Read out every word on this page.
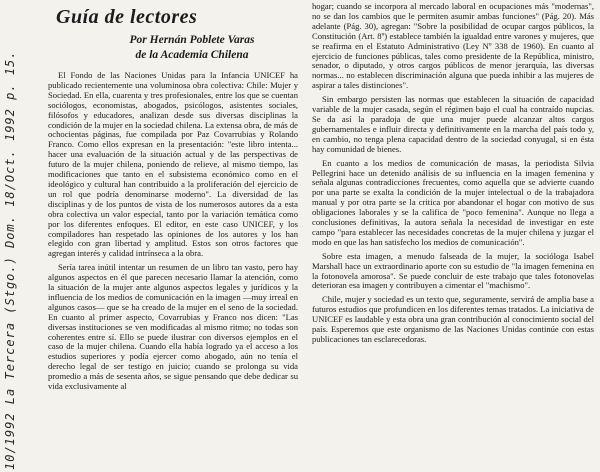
10/1992 La Tercera (Stgo.) Dom. 18/Oct. 1992 p. 15.
Guía de lectores
Por Hernán Poblete Varas
de la Academia Chilena

El Fondo de las Naciones Unidas para la Infancia UNICEF ha publicado recientemente una voluminosa obra colectiva: Chile: Mujer y Sociedad. En ella, cuarenta y tres profesionales, entre los que se cuentan sociólogos, economistas, abogados, psicólogos, asistentes sociales, filósofos y educadores, analizan desde sus diversas disciplinas la condición de la mujer en la sociedad chilena. La extensa obra, de más de ochocientas páginas, fue compilada por Paz Covarrubias y Rolando Franco. Como ellos expresan en la presentación: "este libro intenta... hacer una evaluación de la situación actual y de las perspectivas de futuro de la mujer chilena, poniendo de relieve, al mismo tiempo, las modificaciones que tanto en el subsistema económico como en el ideológico y cultural han contribuido a la proliferación del ejercicio de un rol que podría denominarse moderno". La diversidad de las disciplinas y de los puntos de vista de los numerosos autores da a esta obra colectiva un valor especial, tanto por la variación temática como por los diferentes enfoques. El editor, en este caso UNICEF, y los compiladores han respetado las opiniones de los autores y los han elegido con gran libertad y amplitud. Estos son otros factores que agregan interés y calidad intrínseca a la obra.

Sería tarea inútil intentar un resumen de un libro tan vasto, pero hay algunos aspectos en él que parecen necesario llamar la atención, como la situación de la mujer ante algunos aspectos legales y jurídicos y la influencia de los medios de comunicación en la imagen —muy irreal en algunos casos— que se ha creado de la mujer en el seno de la sociedad. En cuanto al primer aspecto, Covarrubias y Franco nos dicen: "Las diversas instituciones se ven modificadas al mismo ritmo; no todas son coherentes entre sí. Ello se puede ilustrar con diversos ejemplos en el caso de la mujer chilena. Cuando ella había logrado ya el acceso a los estudios superiores y podía ejercer como abogado, aún no tenía el derecho legal de ser testigo en juicio; cuando se prolonga su vida promedio a más de sesenta años, se sigue pensando que debe dedicar su vida exclusivamente al

hogar; cuando se incorpora al mercado laboral en ocupaciones más "modernas", no se dan los cambios que le permiten asumir ambas funciones" (Pág. 20). Más adelante (Pág. 30), agregan: "Sobre la posibilidad de ocupar cargos públicos, la Constitución (Art. 8º) establece también la igualdad entre varones y mujeres, que se reafirma en el Estatuto Administrativo (Ley Nº 338 de 1960). En cuanto al ejercicio de funciones públicas, tales como presidente de la República, ministro, senador, o diputado, y otros cargos públicos de menor jerarquía, las diversas normas... no establecen discriminación alguna que pueda inhibir a las mujeres de aspirar a tales distinciones".

Sin embargo persisten las normas que establecen la situación de capacidad variable de la mujer casada, según el régimen bajo el cual ha contraído nupcias. Se da así la paradoja de que una mujer puede alcanzar altos cargos gubernamentales e influir directa y definitivamente en la marcha del país todo y, en cambio, no tenga plena capacidad dentro de la sociedad conyugal, si en ésta hay comunidad de bienes.

En cuanto a los medios de comunicación de masas, la periodista Silvia Pellegrini hace un detenido análisis de su influencia en la imagen femenina y señala algunas contradicciones frecuentes, como aquella que se advierte cuando por una parte se exalta la condición de la mujer intelectual o de la trabajadora manual y por otra parte se la critica por abandonar el hogar con motivo de sus obligaciones laborales y se la califica de "poco femenina". Aunque no llega a conclusiones definitivas, la autora señala la necesidad de investigar en este campo "para establecer las necesidades concretas de la mujer chilena y juzgar el modo en que las han satisfecho los medios de comunicación".

Sobre esta imagen, a menudo falseada de la mujer, la socióloga Isabel Marshall hace un extraordinario aporte con su estudio de "la imagen femenina en la fotonovela amorosa". Se puede concluir de este trabajo que tales fotonovelas deterioran esa imagen y contribuyen a cimentar el "machismo".

Chile, mujer y sociedad es un texto que, seguramente, servirá de amplia base a futuros estudios que profundicen en los diferentes temas tratados. La iniciativa de UNICEF es laudable y esta obra una gran contribución al conocimiento social del país. Esperemos que este organismo de las Naciones Unidas continúe con estas publicaciones tan esclarecedoras.
